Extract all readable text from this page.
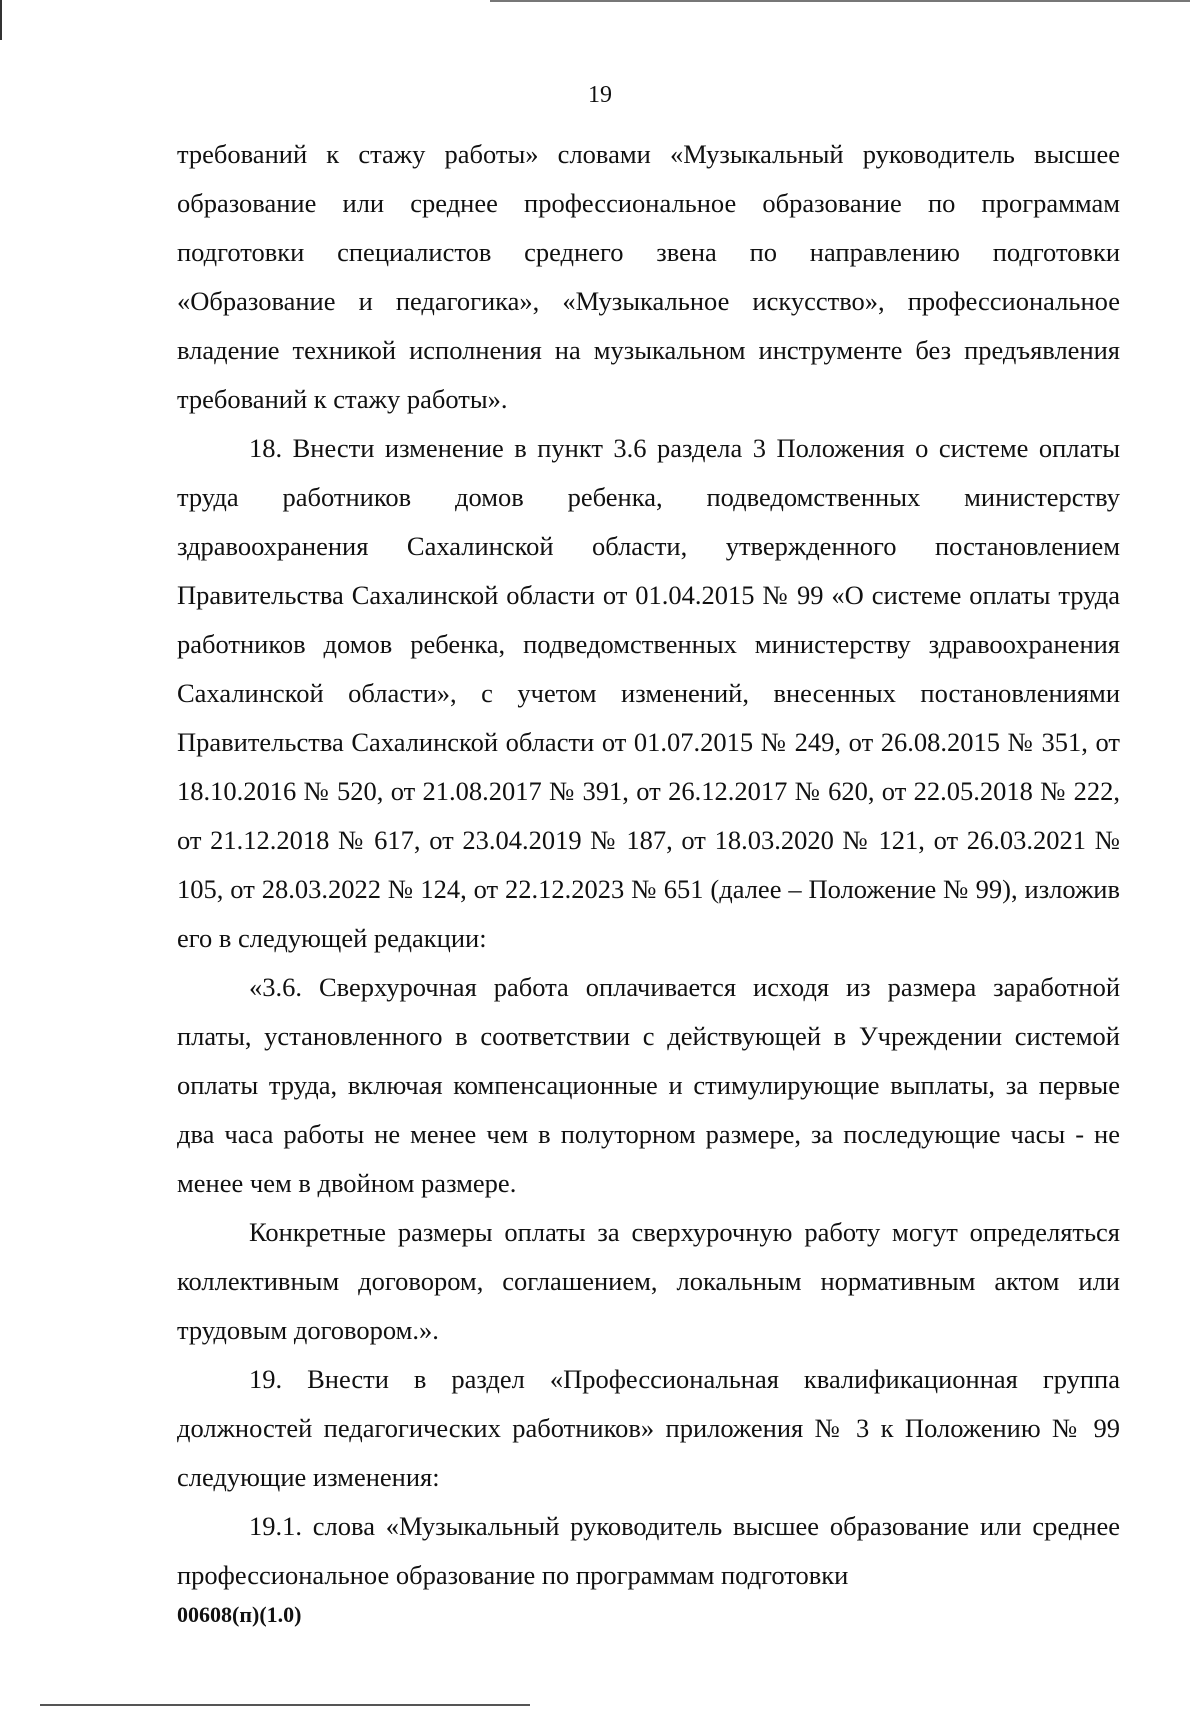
19

требований к стажу работы» словами «Музыкальный руководитель высшее образование или среднее профессиональное образование по программам подготовки специалистов среднего звена по направлению подготовки «Образование и педагогика», «Музыкальное искусство», профессиональное владение техникой исполнения на музыкальном инструменте без предъявления требований к стажу работы».

18. Внести изменение в пункт 3.6 раздела 3 Положения о системе оплаты труда работников домов ребенка, подведомственных министерству здравоохранения Сахалинской области, утвержденного постановлением Правительства Сахалинской области от 01.04.2015 № 99 «О системе оплаты труда работников домов ребенка, подведомственных министерству здравоохранения Сахалинской области», с учетом изменений, внесенных постановлениями Правительства Сахалинской области от 01.07.2015 № 249, от 26.08.2015 № 351, от 18.10.2016 № 520, от 21.08.2017 № 391, от 26.12.2017 № 620, от 22.05.2018 № 222, от 21.12.2018 № 617, от 23.04.2019 № 187, от 18.03.2020 № 121, от 26.03.2021 № 105, от 28.03.2022 № 124, от 22.12.2023 № 651 (далее – Положение № 99), изложив его в следующей редакции:

«3.6. Сверхурочная работа оплачивается исходя из размера заработной платы, установленного в соответствии с действующей в Учреждении системой оплаты труда, включая компенсационные и стимулирующие выплаты, за первые два часа работы не менее чем в полуторном размере, за последующие часы - не менее чем в двойном размере.

Конкретные размеры оплаты за сверхурочную работу могут определяться коллективным договором, соглашением, локальным нормативным актом или трудовым договором.».

19. Внести в раздел «Профессиональная квалификационная группа должностей педагогических работников» приложения № 3 к Положению № 99 следующие изменения:

19.1. слова «Музыкальный руководитель высшее образование или среднее профессиональное образование по программам подготовки

00608(п)(1.0)
